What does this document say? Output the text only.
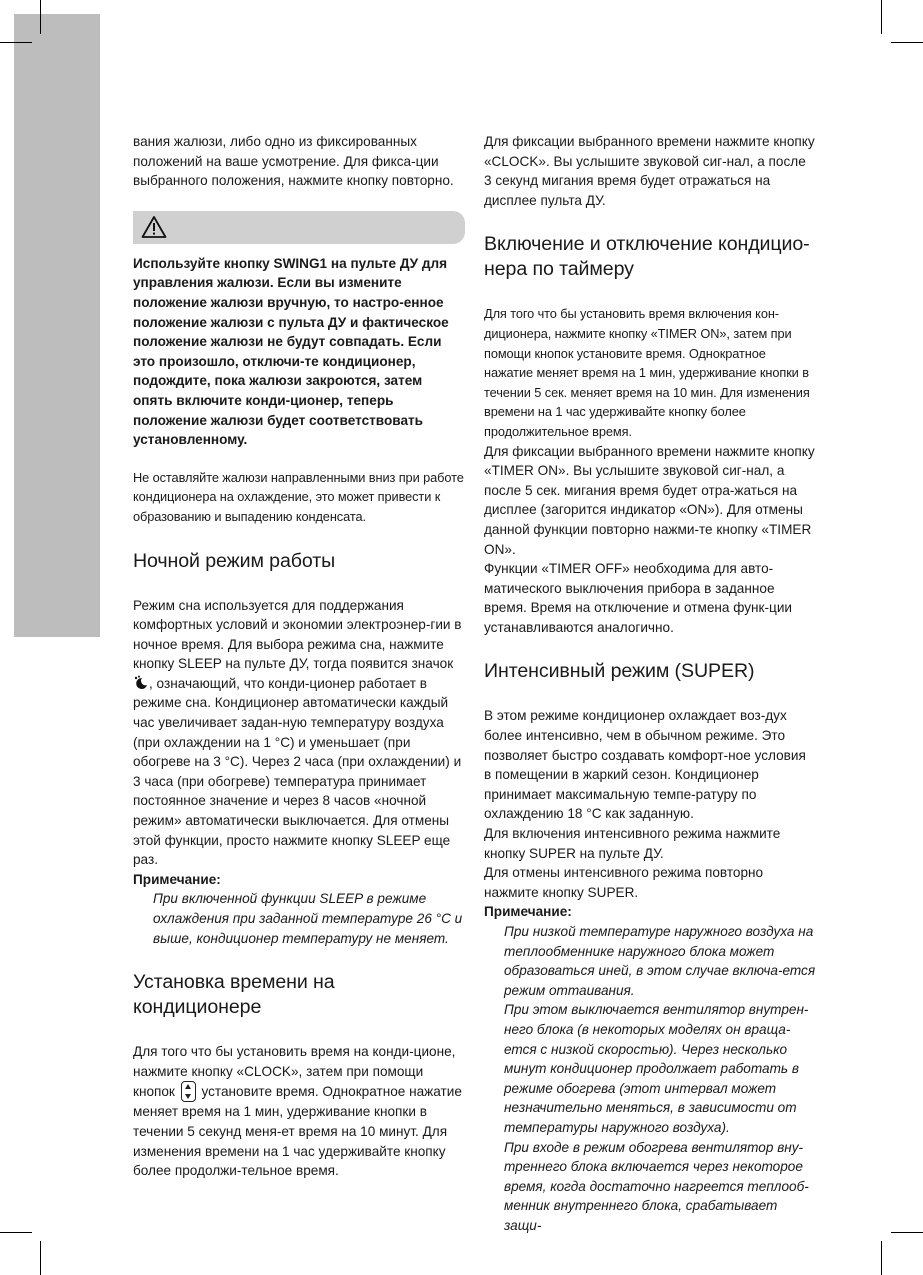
вания жалюзи, либо одно из фиксированных положений на ваше усмотрение. Для фикса-ции выбранного положения, нажмите кнопку повторно.

Используйте кнопку SWING1 на пульте ДУ для управления жалюзи. Если вы измените положение жалюзи вручную, то настро-енное положение жалюзи с пульта ДУ и фактическое положение жалюзи не будут совпадать. Если это произошло, отключи-те кондиционер, подождите, пока жалюзи закроются, затем опять включите конди-ционер, теперь положение жалюзи будет соответствовать установленному.

Не оставляйте жалюзи направленными вниз при работе кондиционера на охлаждение, это может привести к образованию и выпадению конденсата.

Ночной режим работы

Режим сна используется для поддержания комфортных условий и экономии электроэнер-гии в ночное время. Для выбора режима сна, нажмите кнопку SLEEP на пульте ДУ, тогда появится значок , означающий, что конди-ционер работает в режиме сна. Кондиционер автоматически каждый час увеличивает задан-ную температуру воздуха (при охлаждении на 1 °С) и уменьшает (при обогреве на 3 °С). Через 2 часа (при охлаждении) и 3 часа (при обогреве) температура принимает постоянное значение и через 8 часов «ночной режим» автоматически выключается. Для отмены этой функции, просто нажмите кнопку SLEEP еще раз.

Примечание:

При включенной функции SLEEP в режиме охлаждения при заданной температуре 26 °С и выше, кондиционер температуру не меняет.

Установка времени на кондиционере

Для того что бы установить время на конди-ционе, нажмите кнопку «CLOCK», затем при помощи кнопок установите время. Однократное нажатие меняет время на 1 мин, удерживание кнопки в течении 5 секунд меня-ет время на 10 минут. Для изменения времени на 1 час удерживайте кнопку более продолжи-тельное время.

Для фиксации выбранного времени нажмите кнопку «CLOCK». Вы услышите звуковой сиг-нал, а после 3 секунд мигания время будет отражаться на дисплее пульта ДУ.

Включение и отключение кондицио-нера по таймеру

Для того что бы установить время включения кон-диционера, нажмите кнопку «TIMER ON», затем при помощи кнопок установите время. Однократное нажатие меняет время на 1 мин, удерживание кнопки в течении 5 сек. меняет время на 10 мин. Для изменения времени на 1 час удерживайте кнопку более продолжительное время.

Для фиксации выбранного времени нажмите кнопку «TIMER ON». Вы услышите звуковой сиг-нал, а после 5 сек. мигания время будет отра-жаться на дисплее (загорится индикатор «ON»). Для отмены данной функции повторно нажми-те кнопку «TIMER ON».

Функции «TIMER OFF» необходима для авто-матического выключения прибора в заданное время. Время на отключение и отмена функ-ции устанавливаются аналогично.

Интенсивный режим (SUPER)

В этом режиме кондиционер охлаждает воз-дух более интенсивно, чем в обычном режиме. Это позволяет быстро создавать комфорт-ное условия в помещении в жаркий сезон. Кондиционер принимает максимальную темпе-ратуру по охлаждению 18 °С как заданную.

Для включения интенсивного режима нажмите кнопку SUPER на пульте ДУ.

Для отмены интенсивного режима повторно нажмите кнопку SUPER.

Примечание:

При низкой температуре наружного воздуха на теплообменнике наружного блока может образоваться иней, в этом случае включа-ется режим оттаивания.

При этом выключается вентилятор внутрен-него блока (в некоторых моделях он враща-ется с низкой скоростью). Через несколько минут кондиционер продолжает работать в режиме обогрева (этот интервал может незначительно меняться, в зависимости от температуры наружного воздуха).

При входе в режим обогрева вентилятор вну-треннего блока включается через некоторое время, когда достаточно нагреется теплооб-менник внутреннего блока, срабатывает защи-
